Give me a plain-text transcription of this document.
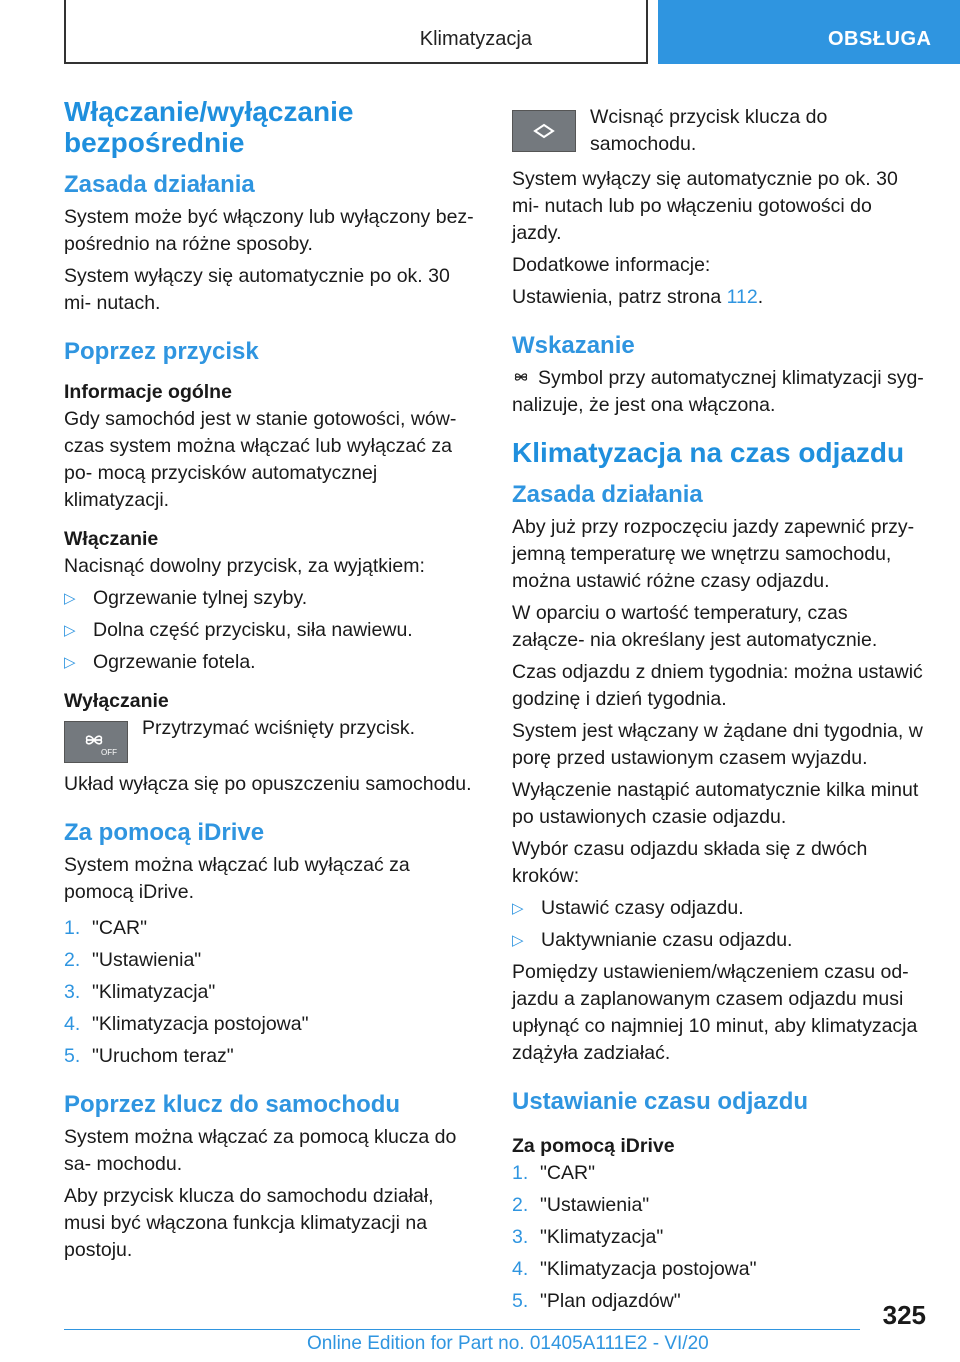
Klimatyzacja	OBSŁUGA
Włączanie/wyłączanie bezpośrednie
Zasada działania

System może być włączony lub wyłączony bez- pośrednio na różne sposoby.

System wyłączy się automatycznie po ok. 30 mi- nutach.

Poprzez przycisk
Informacje ogólne

Gdy samochód jest w stanie gotowości, wów- czas system można włączać lub wyłączać za po- mocą przycisków automatycznej klimatyzacji.

Włączanie

Nacisnąć dowolny przycisk, za wyjątkiem:

▷ Ogrzewanie tylnej szyby.
▷ Dolna część przycisku, siła nawiewu.
▷ Ogrzewanie fotela.
Wyłączanie
OFF
Przytrzymać wciśnięty przycisk.

Układ wyłącza się po opuszczeniu samochodu.

Za pomocą iDrive

System można włączać lub wyłączać za pomocą iDrive.

1. "CAR"
2. "Ustawienia"
3. "Klimatyzacja"
4. "Klimatyzacja postojowa"
5. "Uruchom teraz"
Poprzez klucz do samochodu

System można włączać za pomocą klucza do sa- mochodu.

Aby przycisk klucza do samochodu działał, musi być włączona funkcja klimatyzacji na postoju.

Wcisnąć przycisk klucza do samochodu.

System wyłączy się automatycznie po ok. 30 mi- nutach lub po włączeniu gotowości do jazdy.

Dodatkowe informacje:

Ustawienia, patrz strona 112.

Wskazanie

Symbol przy automatycznej klimatyzacji syg- nalizuje, że jest ona włączona.

Klimatyzacja na czas odjazdu
Zasada działania

Aby już przy rozpoczęciu jazdy zapewnić przy- jemną temperaturę we wnętrzu samochodu, można ustawić różne czasy odjazdu.

W oparciu o wartość temperatury, czas załącze- nia określany jest automatycznie.

Czas odjazdu z dniem tygodnia: można ustawić godzinę i dzień tygodnia.

System jest włączany w żądane dni tygodnia, w porę przed ustawionym czasem wyjazdu.

Wyłączenie nastąpić automatycznie kilka minut po ustawionych czasie odjazdu.

Wybór czasu odjazdu składa się z dwóch kroków:

▷ Ustawić czasy odjazdu.
▷ Uaktywnianie czasu odjazdu.

Pomiędzy ustawieniem/włączeniem czasu od- jazdu a zaplanowanym czasem odjazdu musi upłynąć co najmniej 10 minut, aby klimatyzacja zdążyła zadziałać.

Ustawianie czasu odjazdu
Za pomocą iDrive
1. "CAR"
2. "Ustawienia"
3. "Klimatyzacja"
4. "Klimatyzacja postojowa"
5. "Plan odjazdów"	325
Online Edition for Part no. 01405A111E2 - VI/20
